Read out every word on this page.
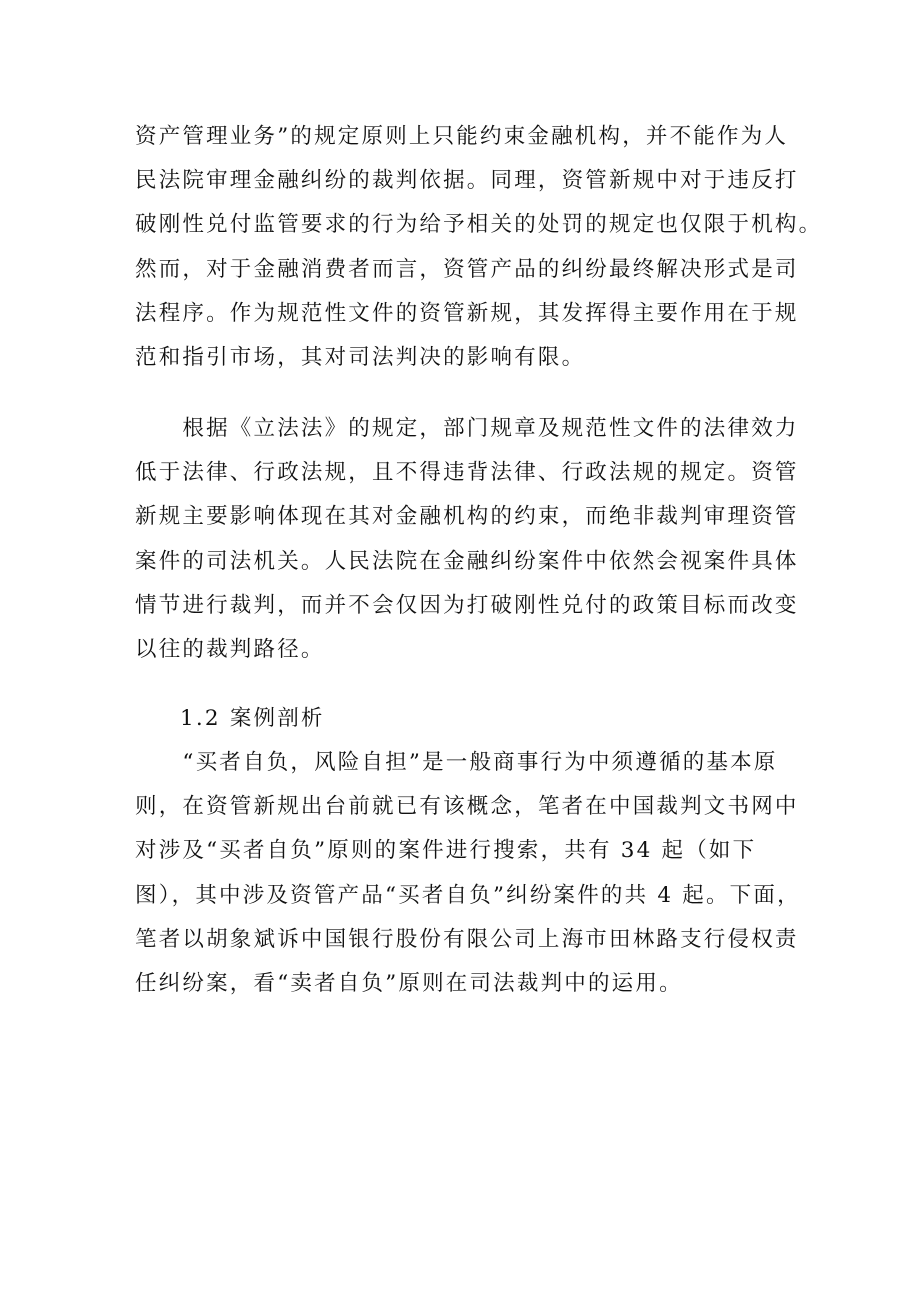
资产管理业务”的规定原则上只能约束金融机构，并不能作为人
民法院审理金融纠纷的裁判依据。同理，资管新规中对于违反打
破刚性兑付监管要求的行为给予相关的处罚的规定也仅限于机构。
然而，对于金融消费者而言，资管产品的纠纷最终解决形式是司
法程序。作为规范性文件的资管新规，其发挥得主要作用在于规
范和指引市场，其对司法判决的影响有限。
　　根据《立法法》的规定，部门规章及规范性文件的法律效力
低于法律、行政法规，且不得违背法律、行政法规的规定。资管
新规主要影响体现在其对金融机构的约束，而绝非裁判审理资管
案件的司法机关。人民法院在金融纠纷案件中依然会视案件具体
情节进行裁判，而并不会仅因为打破刚性兑付的政策目标而改变
以往的裁判路径。
1.2 案例剖析
　　“买者自负，风险自担”是一般商事行为中须遵循的基本原
则，在资管新规出台前就已有该概念，笔者在中国裁判文书网中
对涉及“买者自负”原则的案件进行搜索，共有 34 起（如下
图），其中涉及资管产品“买者自负”纠纷案件的共 4 起。下面，
笔者以胡象斌诉中国银行股份有限公司上海市田林路支行侵权责
任纠纷案，看“卖者自负”原则在司法裁判中的运用。
